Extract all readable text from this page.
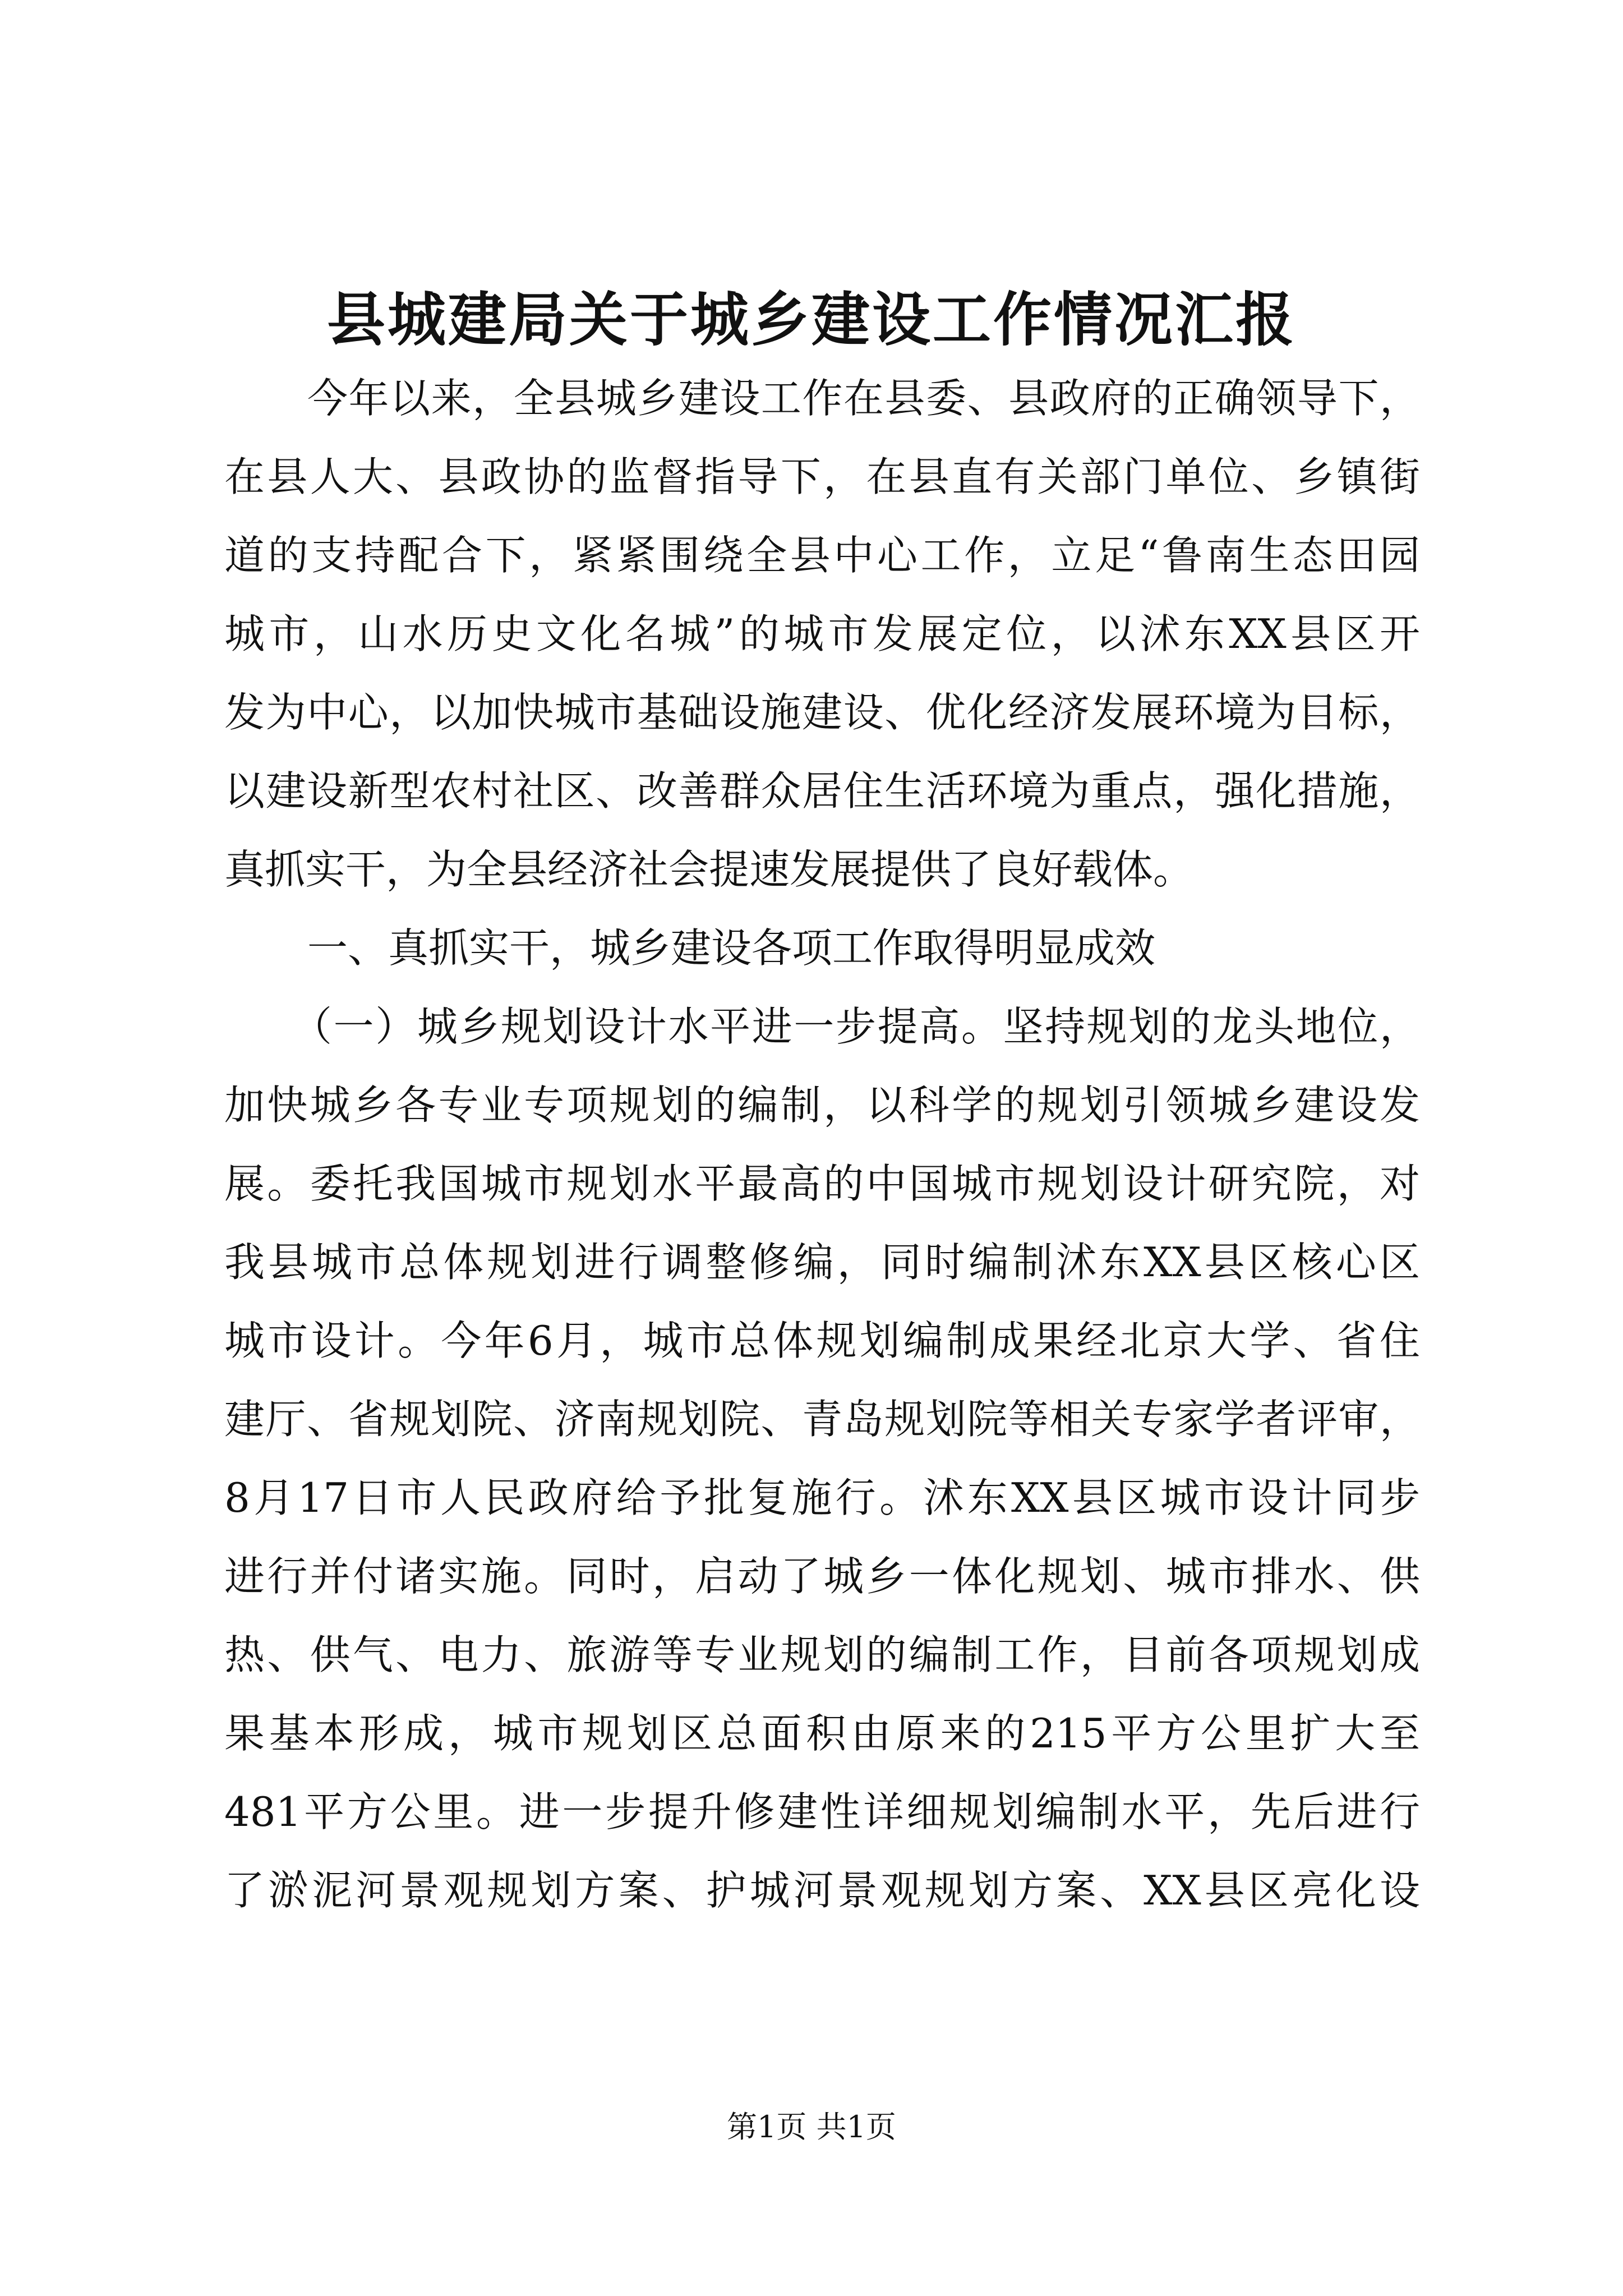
县城建局关于城乡建设工作情况汇报
今年以来，全县城乡建设工作在县委、县政府的正确领导下，
在县人大、县政协的监督指导下，在县直有关部门单位、乡镇街
道的支持配合下，紧紧围绕全县中心工作，立足“鲁南生态田园
城市，山水历史文化名城”的城市发展定位，以沭东XX县区开
发为中心，以加快城市基础设施建设、优化经济发展环境为目标，
以建设新型农村社区、改善群众居住生活环境为重点，强化措施，
真抓实干，为全县经济社会提速发展提供了良好载体。
一、真抓实干，城乡建设各项工作取得明显成效
（一）城乡规划设计水平进一步提高。坚持规划的龙头地位，
加快城乡各专业专项规划的编制，以科学的规划引领城乡建设发
展。委托我国城市规划水平最高的中国城市规划设计研究院，对
我县城市总体规划进行调整修编，同时编制沭东XX县区核心区
城市设计。今年6月，城市总体规划编制成果经北京大学、省住
建厅、省规划院、济南规划院、青岛规划院等相关专家学者评审，
8月17日市人民政府给予批复施行。沭东XX县区城市设计同步
进行并付诸实施。同时，启动了城乡一体化规划、城市排水、供
热、供气、电力、旅游等专业规划的编制工作，目前各项规划成
果基本形成，城市规划区总面积由原来的215平方公里扩大至
481平方公里。进一步提升修建性详细规划编制水平，先后进行
了淤泥河景观规划方案、护城河景观规划方案、XX县区亮化设
第1页 共1页
